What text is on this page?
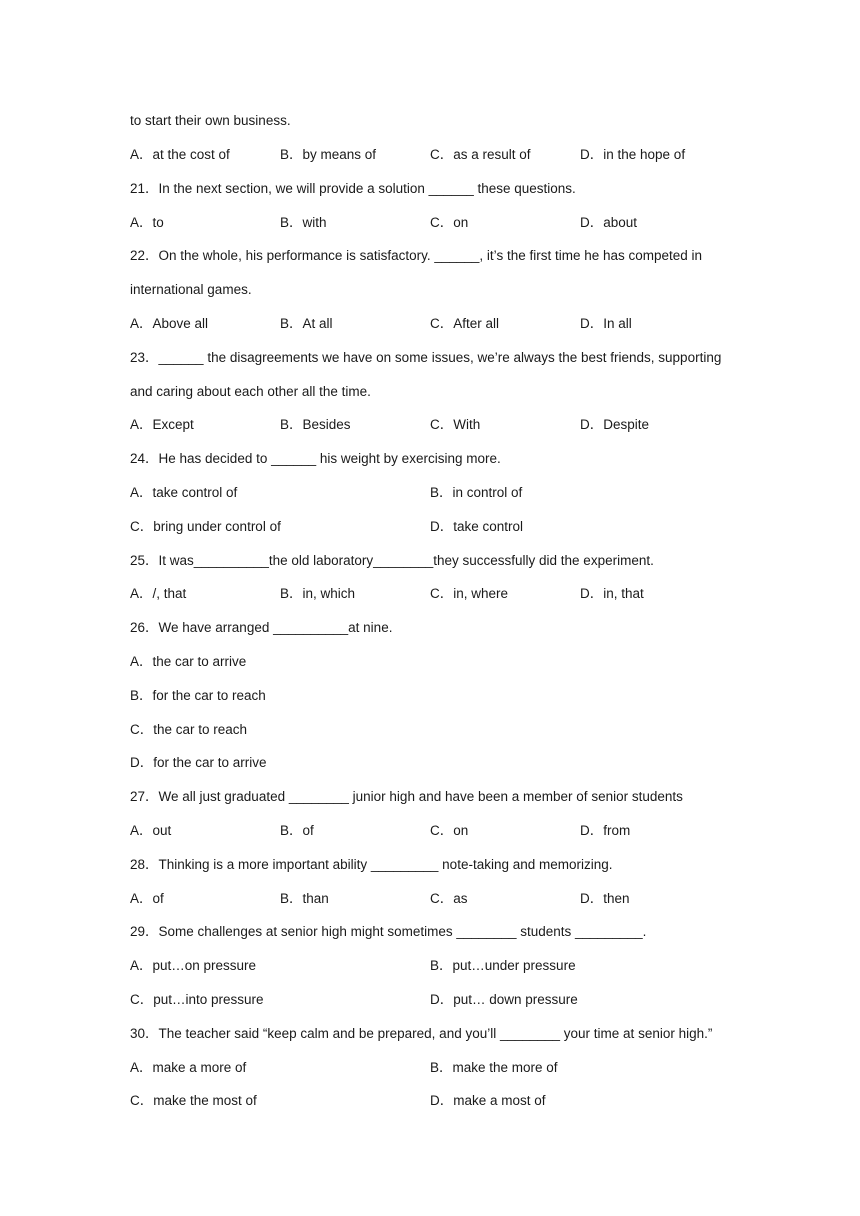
to start their own business.
A．at the cost of	B．by means of	C．as a result of	D．in the hope of
21．In the next section, we will provide a solution ______ these questions.
A．to	B．with	C．on	D．about
22．On the whole, his performance is satisfactory. ______, it’s the first time he has competed in
international games.
A．Above all	B．At all	C．After all	D．In all
23．______ the disagreements we have on some issues, we’re always the best friends, supporting
and caring about each other all the time.
A．Except	B．Besides	C．With	D．Despite
24．He has decided to ______ his weight by exercising more.
A．take control of	B．in control of
C．bring under control of	D．take control
25．It was__________the old laboratory________they successfully did the experiment.
A．/, that	B．in, which	C．in, where	D．in, that
26．We have arranged __________at nine.
A．the car to arrive
B．for the car to reach
C．the car to reach
D．for the car to arrive
27．We all just graduated ________ junior high and have been a member of senior students
A．out	B．of	C．on	D．from
28．Thinking is a more important ability _________ note-taking and memorizing.
A．of	B．than	C．as	D．then
29．Some challenges at senior high might sometimes ________ students _________.
A．put…on pressure	B．put…under pressure
C．put…into pressure	D．put… down pressure
30．The teacher said “keep calm and be prepared, and you’ll ________ your time at senior high.”
A．make a more of	B．make the more of
C．make the most of	D．make a most of
